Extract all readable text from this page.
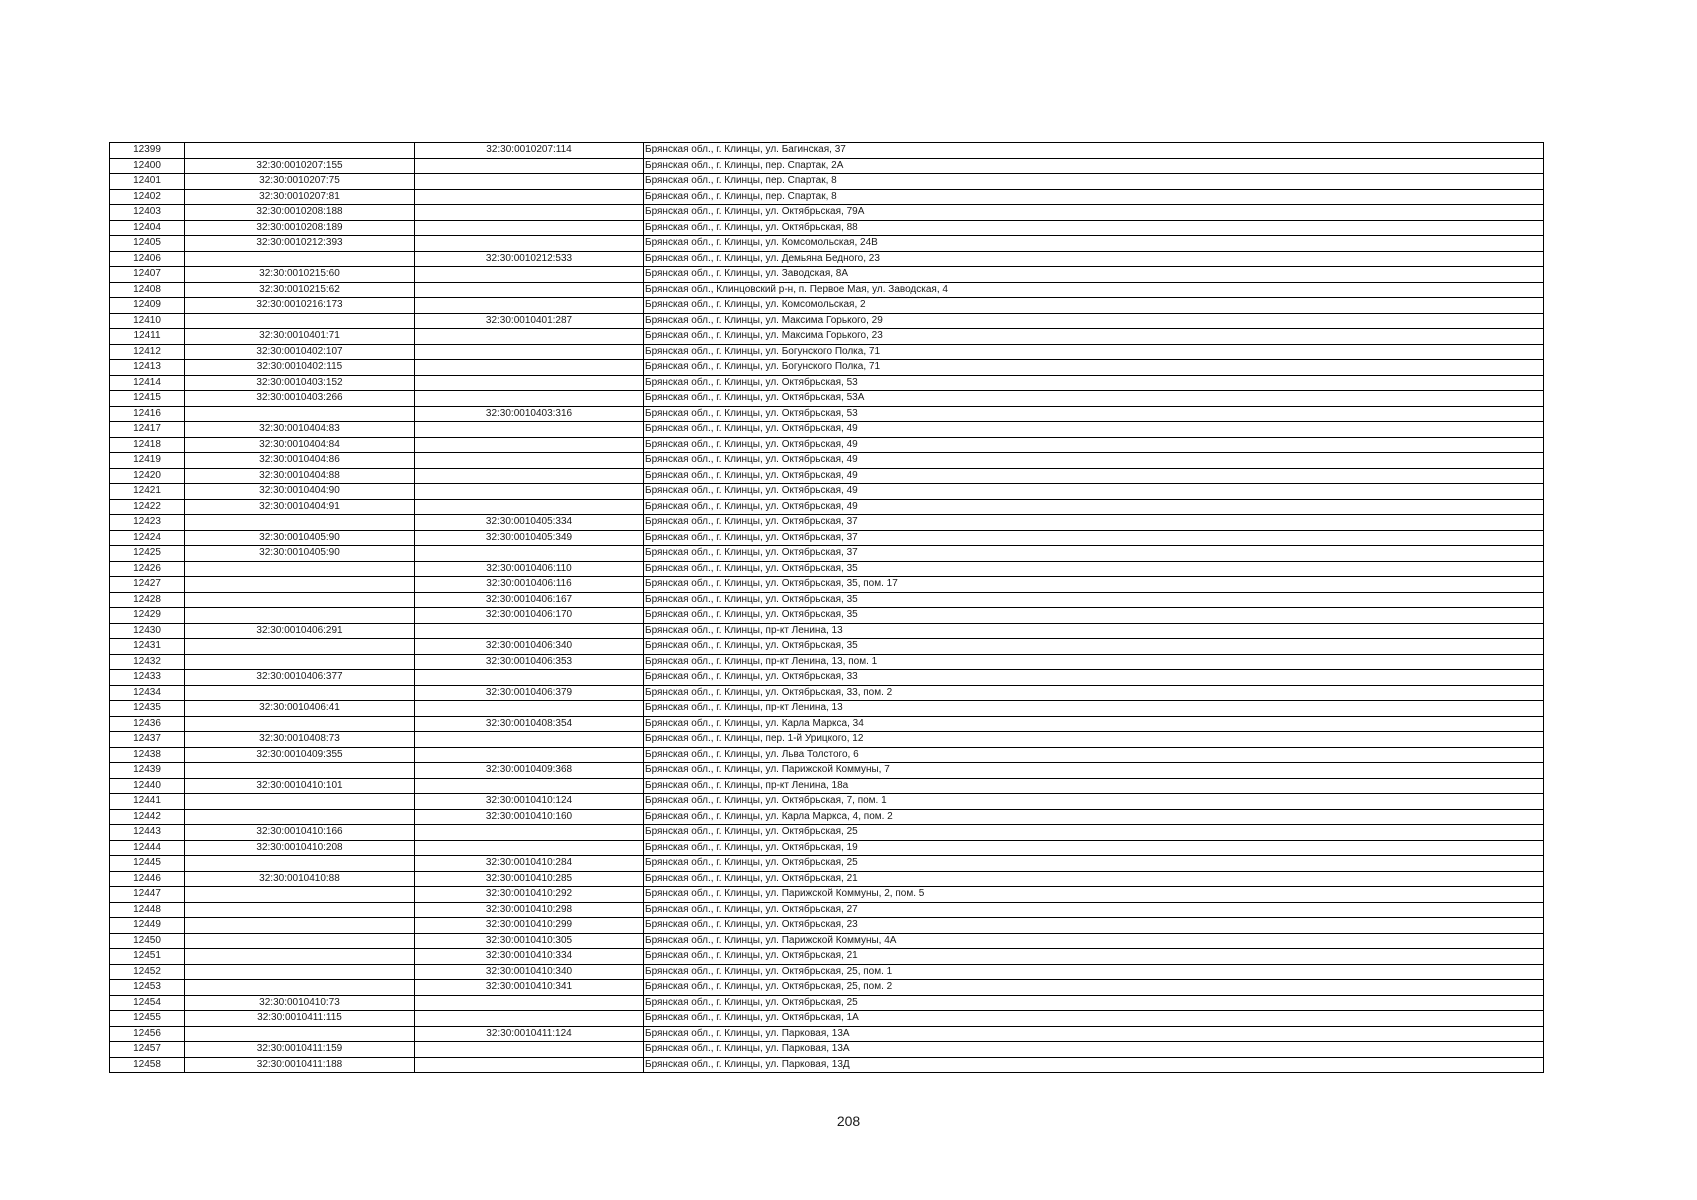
12399		32:30:0010207:114	Брянская обл., г. Клинцы, ул. Багинская, 37
12400	32:30:0010207:155		Брянская обл., г. Клинцы, пер. Спартак, 2А
12401	32:30:0010207:75		Брянская обл., г. Клинцы, пер. Спартак, 8
12402	32:30:0010207:81		Брянская обл., г. Клинцы, пер. Спартак, 8
12403	32:30:0010208:188		Брянская обл., г. Клинцы, ул. Октябрьская, 79А
12404	32:30:0010208:189		Брянская обл., г. Клинцы, ул. Октябрьская, 88
12405	32:30:0010212:393		Брянская обл., г. Клинцы, ул. Комсомольская, 24В
12406		32:30:0010212:533	Брянская обл., г. Клинцы, ул. Демьяна Бедного, 23
12407	32:30:0010215:60		Брянская обл., г. Клинцы, ул. Заводская, 8А
12408	32:30:0010215:62		Брянская обл., Клинцовский р-н, п. Первое Мая, ул. Заводская, 4
12409	32:30:0010216:173		Брянская обл., г. Клинцы, ул. Комсомольская, 2
12410		32:30:0010401:287	Брянская обл., г. Клинцы, ул. Максима Горького, 29
12411	32:30:0010401:71		Брянская обл., г. Клинцы, ул. Максима Горького, 23
12412	32:30:0010402:107		Брянская обл., г. Клинцы, ул. Богунского Полка, 71
12413	32:30:0010402:115		Брянская обл., г. Клинцы, ул. Богунского Полка, 71
12414	32:30:0010403:152		Брянская обл., г. Клинцы, ул. Октябрьская, 53
12415	32:30:0010403:266		Брянская обл., г. Клинцы, ул. Октябрьская, 53А
12416		32:30:0010403:316	Брянская обл., г. Клинцы, ул. Октябрьская, 53
12417	32:30:0010404:83		Брянская обл., г. Клинцы, ул. Октябрьская, 49
12418	32:30:0010404:84		Брянская обл., г. Клинцы, ул. Октябрьская, 49
12419	32:30:0010404:86		Брянская обл., г. Клинцы, ул. Октябрьская, 49
12420	32:30:0010404:88		Брянская обл., г. Клинцы, ул. Октябрьская, 49
12421	32:30:0010404:90		Брянская обл., г. Клинцы, ул. Октябрьская, 49
12422	32:30:0010404:91		Брянская обл., г. Клинцы, ул. Октябрьская, 49
12423		32:30:0010405:334	Брянская обл., г. Клинцы, ул. Октябрьская, 37
12424	32:30:0010405:90	32:30:0010405:349	Брянская обл., г. Клинцы, ул. Октябрьская, 37
12425	32:30:0010405:90		Брянская обл., г. Клинцы, ул. Октябрьская, 37
12426		32:30:0010406:110	Брянская обл., г. Клинцы, ул. Октябрьская, 35
12427		32:30:0010406:116	Брянская обл., г. Клинцы, ул. Октябрьская, 35, пом. 17
12428		32:30:0010406:167	Брянская обл., г. Клинцы, ул. Октябрьская, 35
12429		32:30:0010406:170	Брянская обл., г. Клинцы, ул. Октябрьская, 35
12430	32:30:0010406:291		Брянская обл., г. Клинцы, пр-кт Ленина, 13
12431		32:30:0010406:340	Брянская обл., г. Клинцы, ул. Октябрьская, 35
12432		32:30:0010406:353	Брянская обл., г. Клинцы, пр-кт Ленина, 13, пом. 1
12433	32:30:0010406:377		Брянская обл., г. Клинцы, ул. Октябрьская, 33
12434		32:30:0010406:379	Брянская обл., г. Клинцы, ул. Октябрьская, 33, пом. 2
12435	32:30:0010406:41		Брянская обл., г. Клинцы, пр-кт Ленина, 13
12436		32:30:0010408:354	Брянская обл., г. Клинцы, ул. Карла Маркса, 34
12437	32:30:0010408:73		Брянская обл., г. Клинцы, пер. 1-й Урицкого, 12
12438	32:30:0010409:355		Брянская обл., г. Клинцы, ул. Льва Толстого, 6
12439		32:30:0010409:368	Брянская обл., г. Клинцы, ул. Парижской Коммуны, 7
12440	32:30:0010410:101		Брянская обл., г. Клинцы, пр-кт Ленина, 18а
12441		32:30:0010410:124	Брянская обл., г. Клинцы, ул. Октябрьская, 7, пом. 1
12442		32:30:0010410:160	Брянская обл., г. Клинцы, ул. Карла Маркса, 4, пом. 2
12443	32:30:0010410:166		Брянская обл., г. Клинцы, ул. Октябрьская, 25
12444	32:30:0010410:208		Брянская обл., г. Клинцы, ул. Октябрьская, 19
12445		32:30:0010410:284	Брянская обл., г. Клинцы, ул. Октябрьская, 25
12446	32:30:0010410:88	32:30:0010410:285	Брянская обл., г. Клинцы, ул. Октябрьская, 21
12447		32:30:0010410:292	Брянская обл., г. Клинцы, ул. Парижской Коммуны, 2, пом. 5
12448		32:30:0010410:298	Брянская обл., г. Клинцы, ул. Октябрьская, 27
12449		32:30:0010410:299	Брянская обл., г. Клинцы, ул. Октябрьская, 23
12450		32:30:0010410:305	Брянская обл., г. Клинцы, ул. Парижской Коммуны, 4А
12451		32:30:0010410:334	Брянская обл., г. Клинцы, ул. Октябрьская, 21
12452		32:30:0010410:340	Брянская обл., г. Клинцы, ул. Октябрьская, 25, пом. 1
12453		32:30:0010410:341	Брянская обл., г. Клинцы, ул. Октябрьская, 25, пом. 2
12454	32:30:0010410:73		Брянская обл., г. Клинцы, ул. Октябрьская, 25
12455	32:30:0010411:115		Брянская обл., г. Клинцы, ул. Октябрьская, 1А
12456		32:30:0010411:124	Брянская обл., г. Клинцы, ул. Парковая, 13А
12457	32:30:0010411:159		Брянская обл., г. Клинцы, ул. Парковая, 13А
12458	32:30:0010411:188		Брянская обл., г. Клинцы, ул. Парковая, 13Д
208
